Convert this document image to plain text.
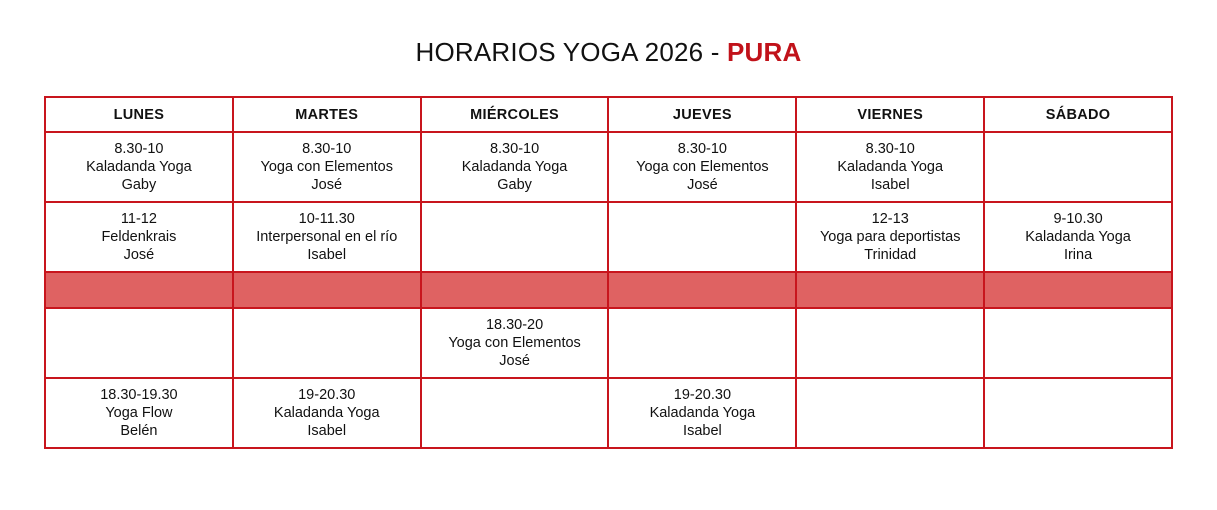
HORARIOS YOGA 2026 - PURA
LUNES	MARTES	MIÉRCOLES	JUEVES	VIERNES	SÁBADO

8.30-10
Kaladanda Yoga
Gaby	8.30-10
Yoga con Elementos
José	8.30-10
Kaladanda Yoga
Gaby	8.30-10
Yoga con Elementos
José	8.30-10
Kaladanda Yoga
Isabel	

11-12
Feldenkrais
José	10-11.30
Interpersonal en el río
Isabel			12-13
Yoga para deportistas
Trinidad	9-10.30
Kaladanda Yoga
Irina

		18.30-20
Yoga con Elementos
José			

18.30-19.30
Yoga Flow
Belén	19-20.30
Kaladanda Yoga
Isabel		19-20.30
Kaladanda Yoga
Isabel		
